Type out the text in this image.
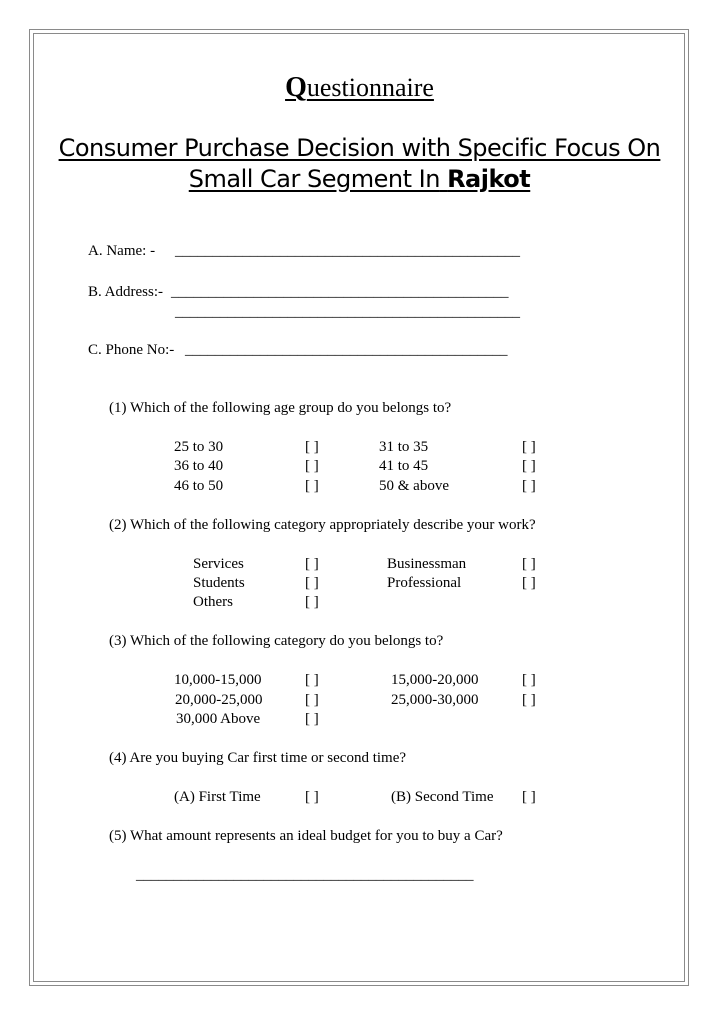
Questionnaire
Consumer Purchase Decision with Specific Focus On
Small Car Segment In Rajkot
A. Name: - ______________________________________________
B. Address:- _____________________________________________
______________________________________________
C. Phone No:- ___________________________________________
(1) Which of the following age group do you belongs to?
25 to 30	[ ]	31 to 35	[ ]
36 to 40	[ ]	41 to 45	[ ]
46 to 50	[ ]	50 & above	[ ]
(2) Which of the following category appropriately describe your work?
Services	[ ]	Businessman	[ ]
Students	[ ]	Professional	[ ]
Others	[ ]
(3) Which of the following category do you belongs to?
10,000-15,000	[ ]	15,000-20,000	[ ]
20,000-25,000	[ ]	25,000-30,000	[ ]
30,000 Above	[ ]
(4) Are you buying Car first time or second time?
(A) First Time	[ ]	(B) Second Time [ ]
(5) What amount represents an ideal budget for you to buy a Car?
_____________________________________________
